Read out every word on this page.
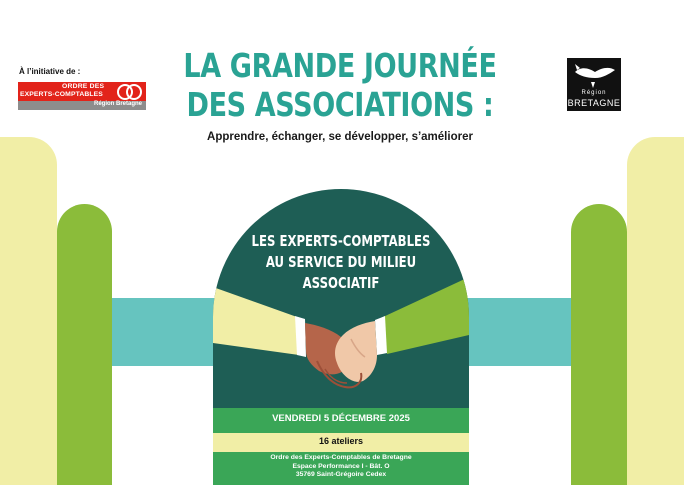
LA GRANDE JOURNÉE
DES ASSOCIATIONS :
Apprendre, échanger, se développer, s’améliorer
À l’initiative de :
ORDRE DES
EXPERTS-COMPTABLES
Région Bretagne
Région
BRETAGNE
LES EXPERTS-COMPTABLES
AU SERVICE DU MILIEU ASSOCIATIF
VENDREDI 5 DÉCEMBRE 2025
16 ateliers
Ordre des Experts-Comptables de Bretagne
Espace Performance I - Bât. O
35769 Saint-Grégoire Cedex
